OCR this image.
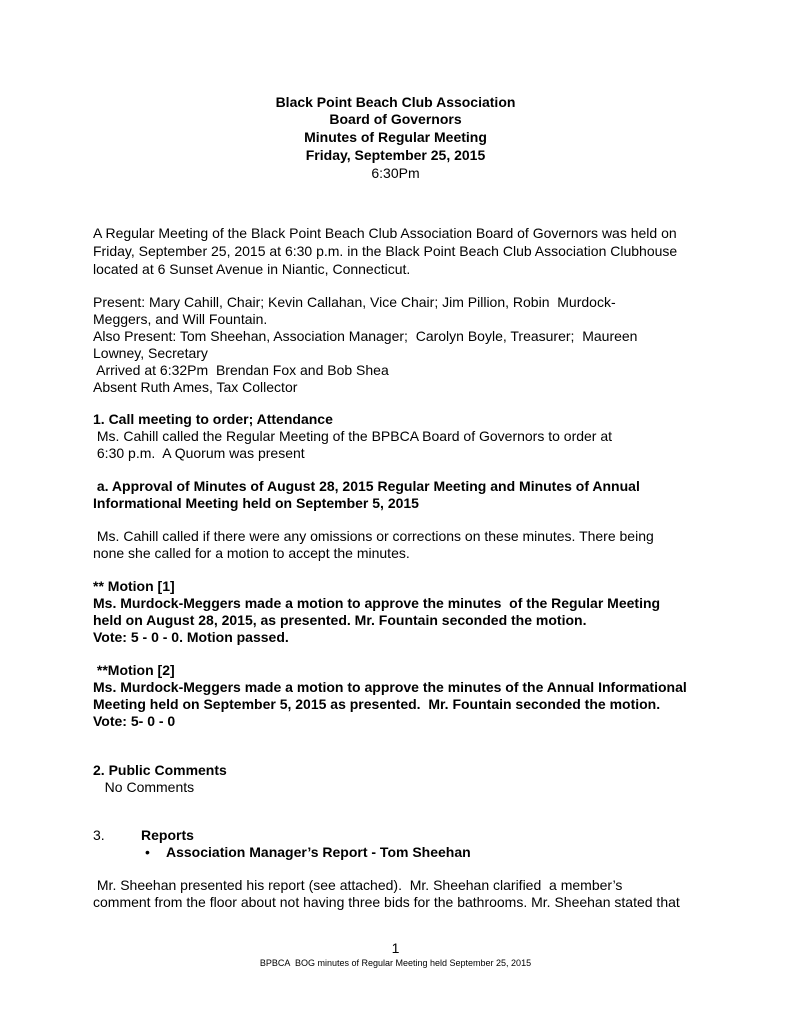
Black Point Beach Club Association
Board of Governors
Minutes of Regular Meeting
Friday, September 25, 2015
6:30Pm
A Regular Meeting of the Black Point Beach Club Association Board of Governors was held on
Friday, September 25, 2015 at 6:30 p.m. in the Black Point Beach Club Association Clubhouse
located at 6 Sunset Avenue in Niantic, Connecticut.
Present: Mary Cahill, Chair; Kevin Callahan, Vice Chair; Jim Pillion, Robin  Murdock-
Meggers, and Will Fountain.
Also Present: Tom Sheehan, Association Manager;  Carolyn Boyle, Treasurer;  Maureen
Lowney, Secretary
Arrived at 6:32Pm  Brendan Fox and Bob Shea
Absent Ruth Ames, Tax Collector
1. Call meeting to order; Attendance
Ms. Cahill called the Regular Meeting of the BPBCA Board of Governors to order at
6:30 p.m.  A Quorum was present
a. Approval of Minutes of August 28, 2015 Regular Meeting and Minutes of Annual
Informational Meeting held on September 5, 2015
Ms. Cahill called if there were any omissions or corrections on these minutes. There being
none she called for a motion to accept the minutes.
** Motion [1]
Ms. Murdock-Meggers made a motion to approve the minutes  of the Regular Meeting
held on August 28, 2015, as presented. Mr. Fountain seconded the motion.
Vote: 5 - 0 - 0. Motion passed.
**Motion [2]
Ms. Murdock-Meggers made a motion to approve the minutes of the Annual Informational
Meeting held on September 5, 2015 as presented.  Mr. Fountain seconded the motion.
Vote: 5- 0 - 0
2. Public Comments
No Comments
3.	Reports
• Association Manager’s Report - Tom Sheehan
Mr. Sheehan presented his report (see attached).  Mr. Sheehan clarified  a member’s
comment from the floor about not having three bids for the bathrooms. Mr. Sheehan stated that
1
BPBCA  BOG minutes of Regular Meeting held September 25, 2015
